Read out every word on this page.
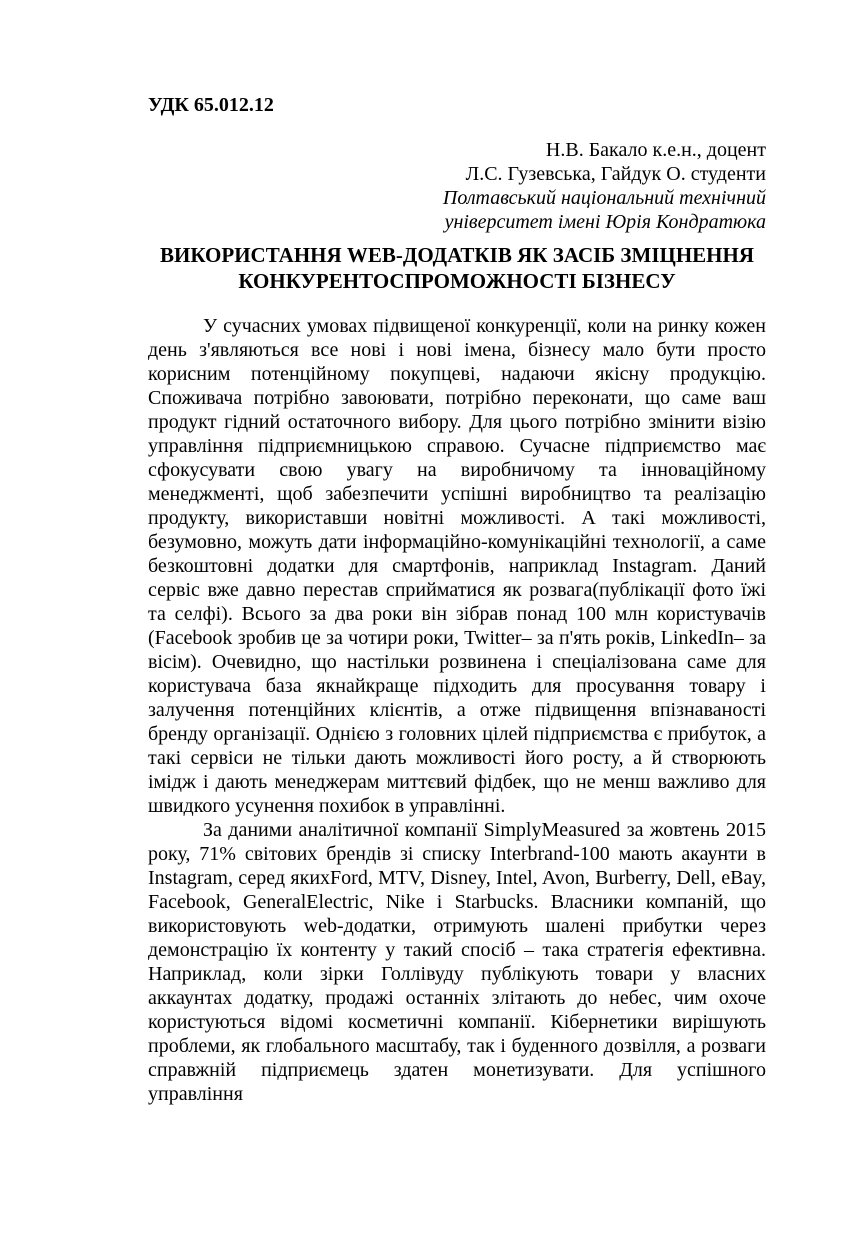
УДК 65.012.12
Н.В. Бакало к.е.н., доцент
Л.С. Гузевська, Гайдук О. студенти
Полтавський національний технічний
університет імені Юрія Кондратюка
ВИКОРИСТАННЯ WEB-ДОДАТКІВ ЯК ЗАСІБ ЗМІЦНЕННЯ
КОНКУРЕНТОСПРОМОЖНОСТІ БІЗНЕСУ

У сучасних умовах підвищеної конкуренції, коли на ринку кожен день з'являються все нові і нові імена, бізнесу мало бути просто корисним потенційному покупцеві, надаючи якісну продукцію. Споживача потрібно завоювати, потрібно переконати, що саме ваш продукт гідний остаточного вибору. Для цього потрібно змінити візію управління підприємницькою справою. Сучасне підприємство має сфокусувати свою увагу на виробничому та інноваційному менеджменті, щоб забезпечити успішні виробництво та реалізацію продукту, використавши новітні можливості. А такі можливості, безумовно, можуть дати інформаційно-комунікаційні технології, а саме безкоштовні додатки для смартфонів, наприклад Instagram. Даний сервіс вже давно перестав сприйматися як розвага(публікації фото їжі та селфі). Всього за два роки він зібрав понад 100 млн користувачів (Facebook зробив це за чотири роки, Twitter– за п'ять років, LinkedIn– за вісім). Очевидно, що настільки розвинена і спеціалізована саме для користувача база якнайкраще підходить для просування товару і залучення потенційних клієнтів, а отже підвищення впізнаваності бренду організації. Однією з головних цілей підприємства є прибуток, а такі сервіси не тільки дають можливості його росту, а й створюють імідж і дають менеджерам миттєвий фідбек, що не менш важливо для швидкого усунення похибок в управлінні.

За даними аналітичної компанії SimplyMeasured за жовтень 2015 року, 71% світових брендів зі списку Interbrand-100 мають акаунти в Instagram, серед якихFord, MTV, Disney, Intel, Avon, Burberry, Dell, eBay, Facebook, GeneralElectric, Nike і Starbucks. Власники компаній, що використовують web-додатки, отримують шалені прибутки через демонстрацію їх контенту у такий спосіб – така стратегія ефективна. Наприклад, коли зірки Голлівуду публікують товари у власних аккаунтах додатку, продажі останніх злітають до небес, чим охоче користуються відомі косметичні компанії. Кібернетики вирішують проблеми, як глобального масштабу, так і буденного дозвілля, а розваги справжній підприємець здатен монетизувати. Для успішного управління
